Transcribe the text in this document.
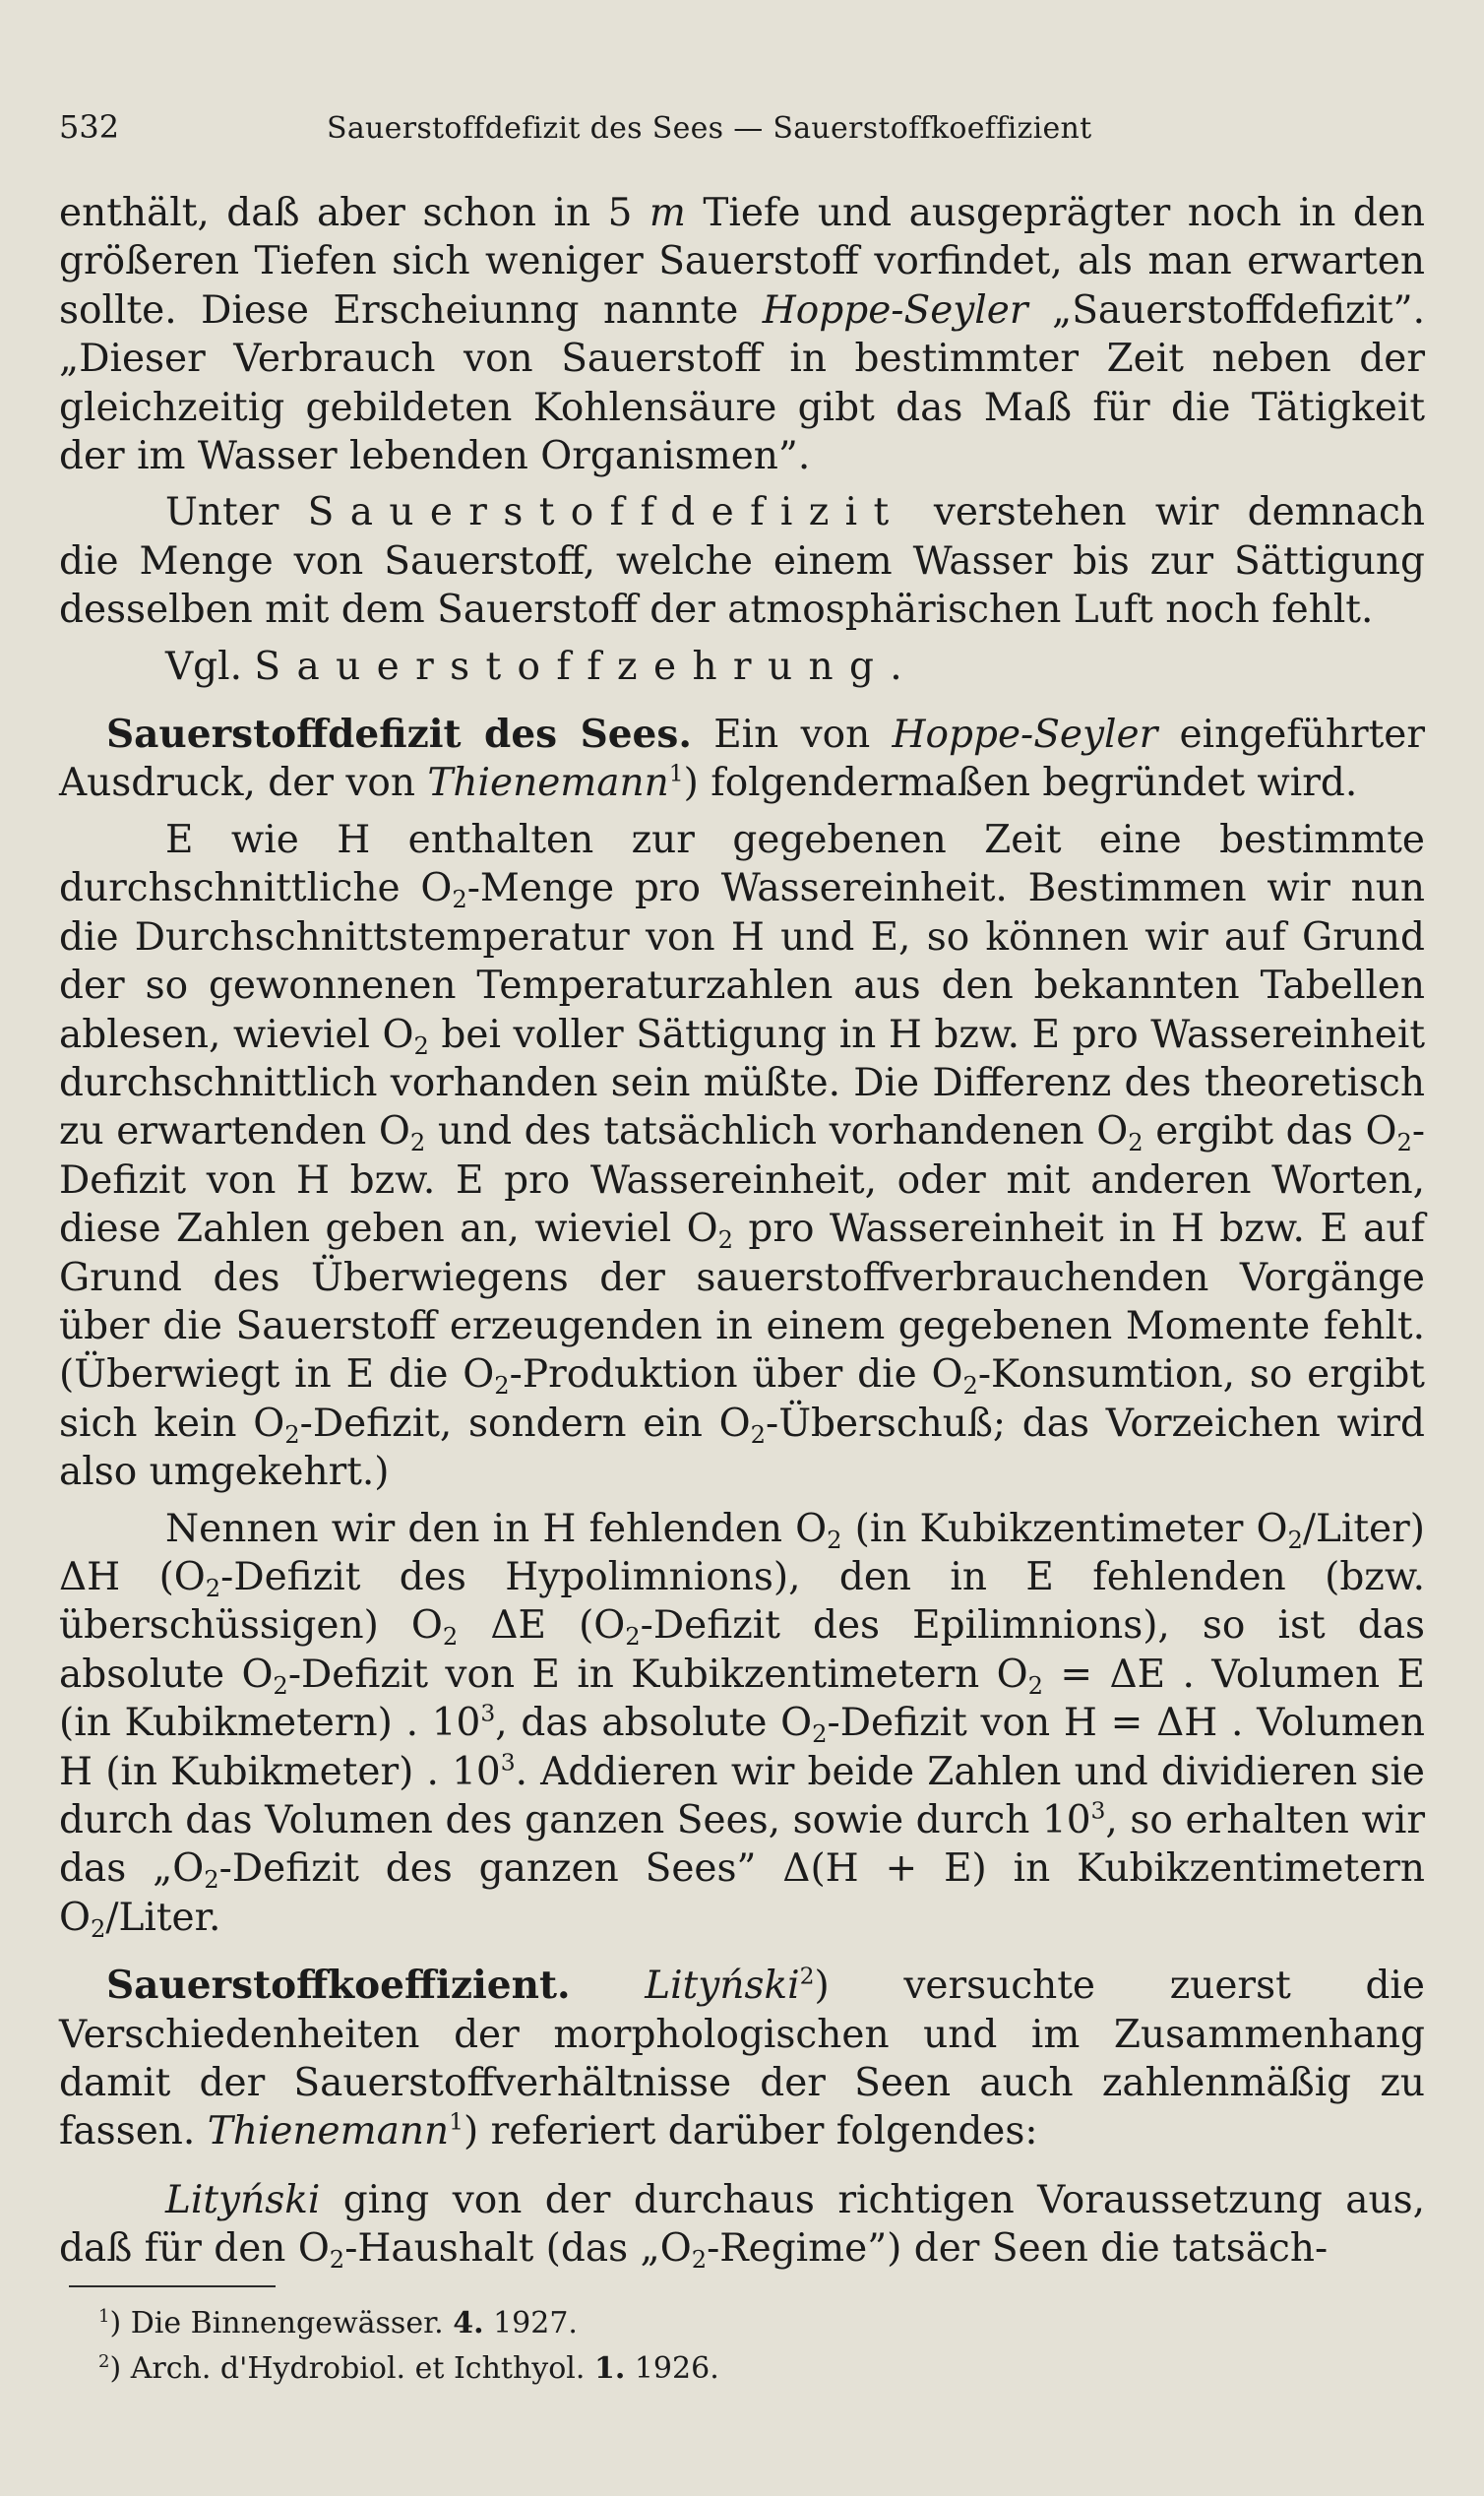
532	Sauerstoffdefizit des Sees — Sauerstoffkoeffizient

enthält, daß aber schon in 5 m Tiefe und ausgeprägter noch in den größeren Tiefen sich weniger Sauerstoff vorfindet, als man erwarten sollte. Diese Erscheiunng nannte Hoppe-Seyler „Sauerstoffdefizit”. „Dieser Verbrauch von Sauerstoff in bestimmter Zeit neben der gleichzeitig gebildeten Kohlensäure gibt das Maß für die Tätigkeit der im Wasser lebenden Organismen”.

Unter Sauerstoffdefizit verstehen wir demnach die Menge von Sauerstoff, welche einem Wasser bis zur Sättigung desselben mit dem Sauerstoff der atmosphärischen Luft noch fehlt.

Vgl. Sauerstoffzehrung.

Sauerstoffdefizit des Sees. Ein von Hoppe-Seyler eingeführter Ausdruck, der von Thienemann$^1$) folgendermaßen begründet wird.

E wie H enthalten zur gegebenen Zeit eine bestimmte durchschnittliche $O_2$-Menge pro Wassereinheit. Bestimmen wir nun die Durchschnittstemperatur von H und E, so können wir auf Grund der so gewonnenen Temperaturzahlen aus den bekannten Tabellen ablesen, wieviel $O_2$ bei voller Sättigung in H bzw. E pro Wassereinheit durchschnittlich vorhanden sein müßte. Die Differenz des theoretisch zu erwartenden $O_2$ und des tatsächlich vorhandenen $O_2$ ergibt das $O_2$-Defizit von H bzw. E pro Wassereinheit, oder mit anderen Worten, diese Zahlen geben an, wieviel $O_2$ pro Wassereinheit in H bzw. E auf Grund des Überwiegens der sauerstoffverbrauchenden Vorgänge über die Sauerstoff erzeugenden in einem gegebenen Momente fehlt. (Überwiegt in E die $O_2$-Produktion über die $O_2$-Konsumtion, so ergibt sich kein $O_2$-Defizit, sondern ein $O_2$-Überschuß; das Vorzeichen wird also umgekehrt.)

Nennen wir den in H fehlenden $O_2$ (in Kubikzentimeter $O_2/Liter$) ΔH ($O_2$-Defizit des Hypolimnions), den in E fehlenden (bzw. überschüssigen) $O_2$ ΔE ($O_2$-Defizit des Epilimnions), so ist das absolute $O_2$-Defizit von E in Kubikzentimetern $O_2 = \Delta E$ . Volumen E (in Kubikmetern) . $10^3$, das absolute $O_2$-Defizit von H = ΔH . Volumen H (in Kubikmeter) . $10^3$. Addieren wir beide Zahlen und dividieren sie durch das Volumen des ganzen Sees, sowie durch $10^3$, so erhalten wir das $„O_2$-Defizit des ganzen Sees” Δ(H + E) in Kubikzentimetern $O_2$/Liter.

Sauerstoffkoeffizient. Lityński$^2$) versuchte zuerst die Verschiedenheiten der morphologischen und im Zusammenhang damit der Sauerstoffverhältnisse der Seen auch zahlenmäßig zu fassen. Thienemann$^1$) referiert darüber folgendes:

Lityński ging von der durchaus richtigen Voraussetzung aus, daß für den $O_2$-Haushalt (das $„O_2-Regime$”) der Seen die tatsäch-

$^1$) Die Binnengewässer. 4. 1927.

$^2$) Arch. d'Hydrobiol. et Ichthyol. 1. 1926.
